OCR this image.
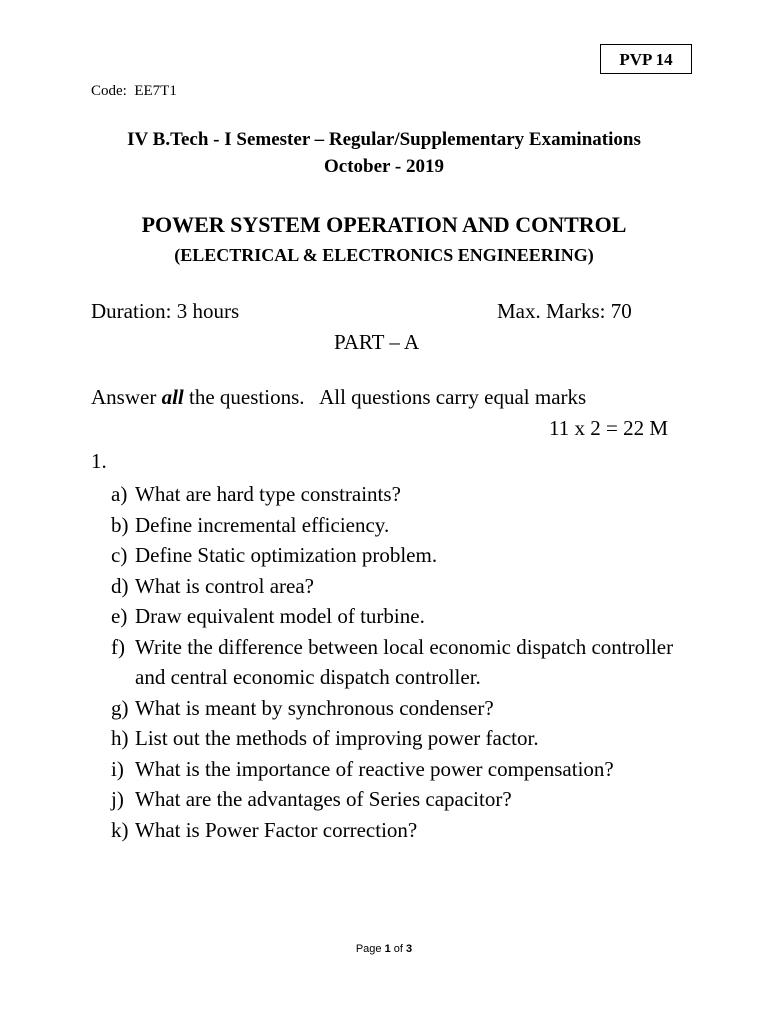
PVP 14
Code: EE7T1
IV B.Tech - I Semester – Regular/Supplementary Examinations
October - 2019
POWER SYSTEM OPERATION AND CONTROL
(ELECTRICAL & ELECTRONICS ENGINEERING)
Duration: 3 hours	Max. Marks: 70
PART – A
Answer all the questions.   All questions carry equal marks
11 x 2 = 22 M
1.
a) What are hard type constraints?
b) Define incremental efficiency.
c) Define Static optimization problem.
d) What is control area?
e) Draw equivalent model of turbine.
f) Write the difference between local economic dispatch controller and central economic dispatch controller.
g) What is meant by synchronous condenser?
h) List out the methods of improving power factor.
i) What is the importance of reactive power compensation?
j) What are the advantages of Series capacitor?
k) What is Power Factor correction?
Page 1 of 3
